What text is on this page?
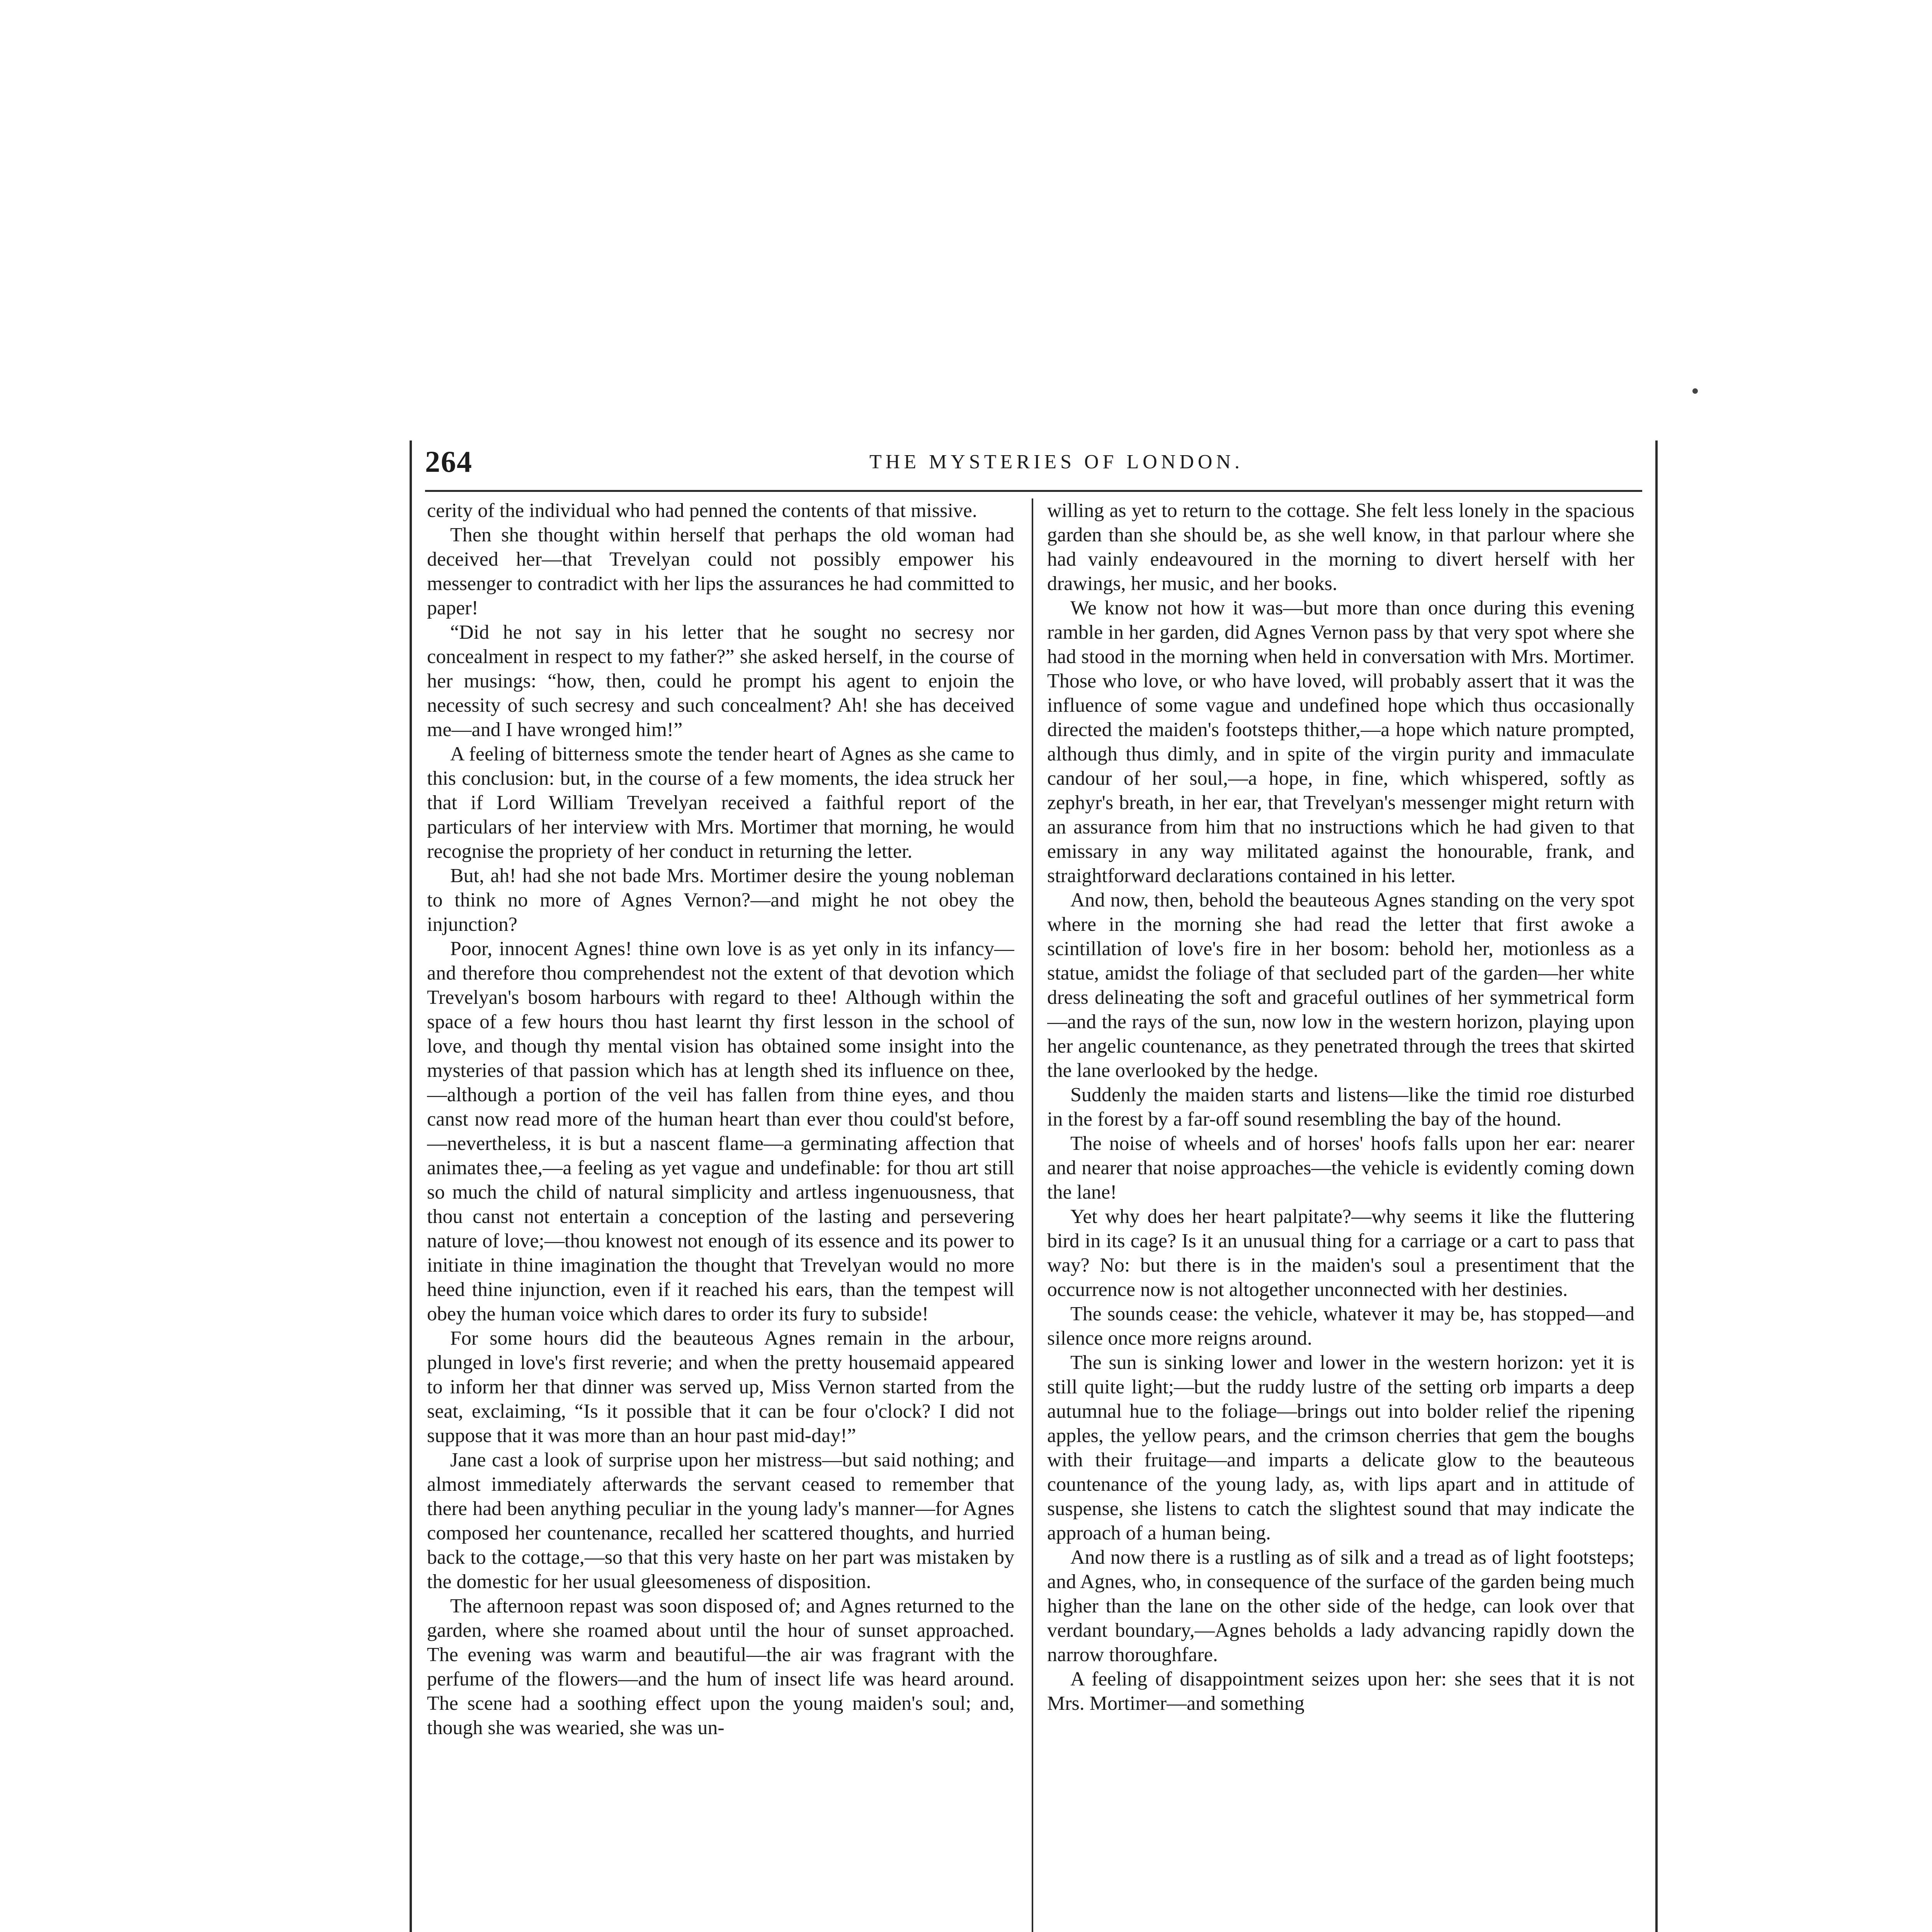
264	THE MYSTERIES OF LONDON.

cerity of the individual who had penned the contents of that missive.

Then she thought within herself that perhaps the old woman had deceived her—that Trevelyan could not possibly empower his messenger to contradict with her lips the assurances he had committed to paper!

“Did he not say in his letter that he sought no secresy nor concealment in respect to my father?” she asked herself, in the course of her musings: “how, then, could he prompt his agent to enjoin the necessity of such secresy and such concealment? Ah! she has deceived me—and I have wronged him!”

A feeling of bitterness smote the tender heart of Agnes as she came to this conclusion: but, in the course of a few moments, the idea struck her that if Lord William Trevelyan received a faithful report of the particulars of her interview with Mrs. Mortimer that morning, he would recognise the propriety of her conduct in returning the letter.

But, ah! had she not bade Mrs. Mortimer desire the young nobleman to think no more of Agnes Vernon?—and might he not obey the injunction?

Poor, innocent Agnes! thine own love is as yet only in its infancy—and therefore thou comprehendest not the extent of that devotion which Trevelyan's bosom harbours with regard to thee! Although within the space of a few hours thou hast learnt thy first lesson in the school of love, and though thy mental vision has obtained some insight into the mysteries of that passion which has at length shed its influence on thee,—although a portion of the veil has fallen from thine eyes, and thou canst now read more of the human heart than ever thou could'st before,—nevertheless, it is but a nascent flame—a germinating affection that animates thee,—a feeling as yet vague and undefinable: for thou art still so much the child of natural simplicity and artless ingenuousness, that thou canst not entertain a conception of the lasting and persevering nature of love;—thou knowest not enough of its essence and its power to initiate in thine imagination the thought that Trevelyan would no more heed thine injunction, even if it reached his ears, than the tempest will obey the human voice which dares to order its fury to subside!

For some hours did the beauteous Agnes remain in the arbour, plunged in love's first reverie; and when the pretty housemaid appeared to inform her that dinner was served up, Miss Vernon started from the seat, exclaiming, “Is it possible that it can be four o'clock? I did not suppose that it was more than an hour past mid-day!”

Jane cast a look of surprise upon her mistress—but said nothing; and almost immediately afterwards the servant ceased to remember that there had been anything peculiar in the young lady's manner—for Agnes composed her countenance, recalled her scattered thoughts, and hurried back to the cottage,—so that this very haste on her part was mistaken by the domestic for her usual gleesomeness of disposition.

The afternoon repast was soon disposed of; and Agnes returned to the garden, where she roamed about until the hour of sunset approached. The evening was warm and beautiful—the air was fragrant with the perfume of the flowers—and the hum of insect life was heard around. The scene had a soothing effect upon the young maiden's soul; and, though she was wearied, she was un-

willing as yet to return to the cottage. She felt less lonely in the spacious garden than she should be, as she well know, in that parlour where she had vainly endeavoured in the morning to divert herself with her drawings, her music, and her books.

We know not how it was—but more than once during this evening ramble in her garden, did Agnes Vernon pass by that very spot where she had stood in the morning when held in conversation with Mrs. Mortimer. Those who love, or who have loved, will probably assert that it was the influence of some vague and undefined hope which thus occasionally directed the maiden's footsteps thither,—a hope which nature prompted, although thus dimly, and in spite of the virgin purity and immaculate candour of her soul,—a hope, in fine, which whispered, softly as zephyr's breath, in her ear, that Trevelyan's messenger might return with an assurance from him that no instructions which he had given to that emissary in any way militated against the honourable, frank, and straightforward declarations contained in his letter.

And now, then, behold the beauteous Agnes standing on the very spot where in the morning she had read the letter that first awoke a scintillation of love's fire in her bosom: behold her, motionless as a statue, amidst the foliage of that secluded part of the garden—her white dress delineating the soft and graceful outlines of her symmetrical form —and the rays of the sun, now low in the western horizon, playing upon her angelic countenance, as they penetrated through the trees that skirted the lane overlooked by the hedge.

Suddenly the maiden starts and listens—like the timid roe disturbed in the forest by a far-off sound resembling the bay of the hound.

The noise of wheels and of horses' hoofs falls upon her ear: nearer and nearer that noise approaches—the vehicle is evidently coming down the lane!

Yet why does her heart palpitate?—why seems it like the fluttering bird in its cage? Is it an unusual thing for a carriage or a cart to pass that way? No: but there is in the maiden's soul a presentiment that the occurrence now is not altogether unconnected with her destinies.

The sounds cease: the vehicle, whatever it may be, has stopped—and silence once more reigns around.

The sun is sinking lower and lower in the western horizon: yet it is still quite light;—but the ruddy lustre of the setting orb imparts a deep autumnal hue to the foliage—brings out into bolder relief the ripening apples, the yellow pears, and the crimson cherries that gem the boughs with their fruitage—and imparts a delicate glow to the beauteous countenance of the young lady, as, with lips apart and in attitude of suspense, she listens to catch the slightest sound that may indicate the approach of a human being.

And now there is a rustling as of silk and a tread as of light footsteps; and Agnes, who, in consequence of the surface of the garden being much higher than the lane on the other side of the hedge, can look over that verdant boundary,—Agnes beholds a lady advancing rapidly down the narrow thoroughfare.

A feeling of disappointment seizes upon her: she sees that it is not Mrs. Mortimer—and something
